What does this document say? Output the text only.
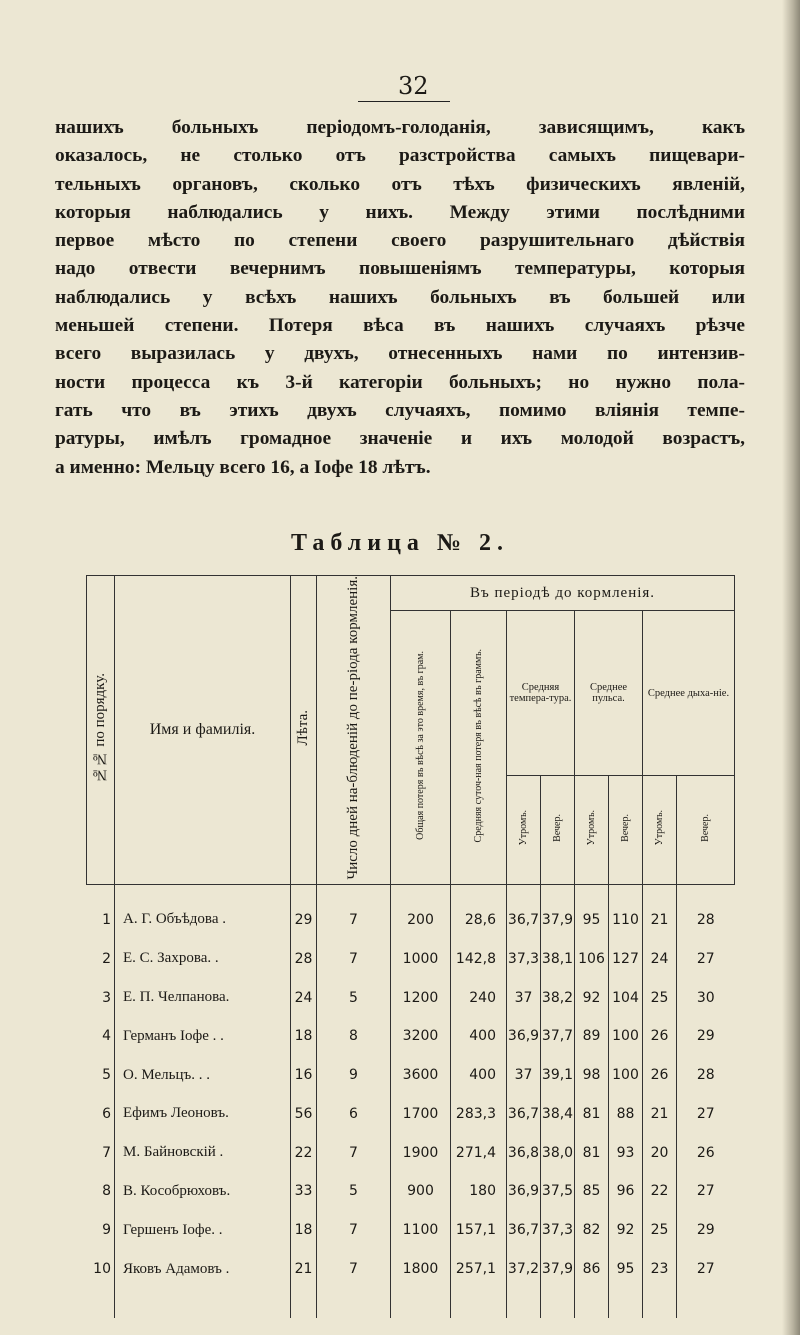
32
нашихъ больныхъ періодомъ-голоданія, зависящимъ, какъ
оказалось, не столько отъ разстройства самыхъ пищевари-
тельныхъ органовъ, сколько отъ тѣхъ физическихъ явленій,
которыя наблюдались у нихъ. Между этими послѣдними
первое мѣсто по степени своего разрушительнаго дѣйствія
надо отвести вечернимъ повышеніямъ температуры, которыя
наблюдались у всѣхъ нашихъ больныхъ въ большей или
меньшей степени. Потеря вѣса въ нашихъ случаяхъ рѣзче
всего выразилась у двухъ, отнесенныхъ нами по интензив-
ности процесса къ 3-й категоріи больныхъ; но нужно пола-
гать что въ этихъ двухъ случаяхъ, помимо вліянія темпе-
ратуры, имѣлъ громадное значеніе и ихъ молодой возрастъ,
а именно: Мельцу всего 16, а Іофе 18 лѣтъ.
Таблица № 2.
№№ по порядку.	Имя и фамилія.	Лѣта.	Число дней на-блюденій до пе-ріода кормленія.	Въ періодѣ до кормленія.							
				Общая потеря въ вѣсѣ за это время, въ грам.	Средняя суточ-ная потеря въ вѣсѣ въ граммъ.	Средняя темпера-тура.		Среднее пульса.		Среднее дыха-ніе.	
						Утромъ.	Вечер.	Утромъ.	Вечер.	Утромъ.	Вечер.
1	А. Г. Объѣдова .	29	7	200	28,6	36,7	37,9	95	110	21	28
2	Е. С. Захрова. .	28	7	1000	142,8	37,3	38,1	106	127	24	27
3	Е. П. Челпанова.	24	5	1200	240	37	38,2	92	104	25	30
4	Германъ Іофе . .	18	8	3200	400	36,9	37,7	89	100	26	29
5	О. Мельцъ. . .	16	9	3600	400	37	39,1	98	100	26	28
6	Ефимъ Леоновъ.	56	6	1700	283,3	36,7	38,4	81	88	21	27
7	М. Байновскій .	22	7	1900	271,4	36,8	38,0	81	93	20	26
8	В. Кособрюховъ.	33	5	900	180	36,9	37,5	85	96	22	27
9	Гершенъ Іофе. .	18	7	1100	157,1	36,7	37,3	82	92	25	29
10	Яковъ Адамовъ .	21	7	1800	257,1	37,2	37,9	86	95	23	27
